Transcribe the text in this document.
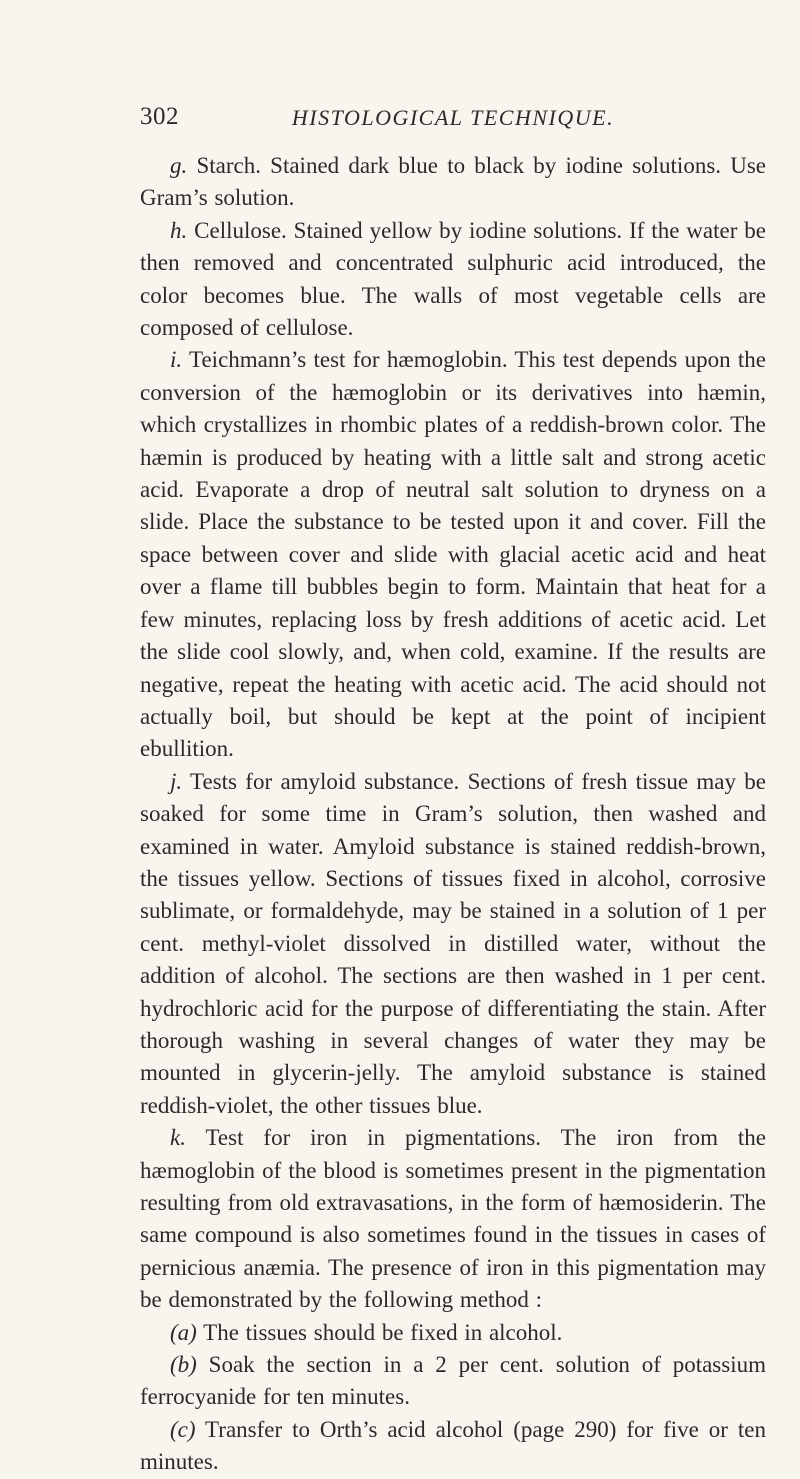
302	HISTOLOGICAL TECHNIQUE.

g. Starch. Stained dark blue to black by iodine solutions. Use Gram’s solution.

h. Cellulose. Stained yellow by iodine solutions. If the water be then removed and concentrated sulphuric acid introduced, the color becomes blue. The walls of most vegetable cells are composed of cellulose.

i. Teichmann’s test for hæmoglobin. This test depends upon the conversion of the hæmoglobin or its derivatives into hæmin, which crystallizes in rhombic plates of a reddish-brown color. The hæmin is produced by heating with a little salt and strong acetic acid. Evaporate a drop of neutral salt solution to dryness on a slide. Place the substance to be tested upon it and cover. Fill the space between cover and slide with glacial acetic acid and heat over a flame till bubbles begin to form. Maintain that heat for a few minutes, replacing loss by fresh additions of acetic acid. Let the slide cool slowly, and, when cold, examine. If the results are negative, repeat the heating with acetic acid. The acid should not actually boil, but should be kept at the point of incipient ebullition.

j. Tests for amyloid substance. Sections of fresh tissue may be soaked for some time in Gram’s solution, then washed and examined in water. Amyloid substance is stained reddish-brown, the tissues yellow. Sections of tissues fixed in alcohol, corrosive sublimate, or formaldehyde, may be stained in a solution of 1 per cent. methyl-violet dissolved in distilled water, without the addition of alcohol. The sections are then washed in 1 per cent. hydrochloric acid for the purpose of differentiating the stain. After thorough washing in several changes of water they may be mounted in glycerin-jelly. The amyloid substance is stained reddish-violet, the other tissues blue.

k. Test for iron in pigmentations. The iron from the hæmoglobin of the blood is sometimes present in the pigmentation resulting from old extravasations, in the form of hæmosiderin. The same compound is also sometimes found in the tissues in cases of pernicious anæmia. The presence of iron in this pigmentation may be demonstrated by the following method :

(a) The tissues should be fixed in alcohol.

(b) Soak the section in a 2 per cent. solution of potassium ferrocyanide for ten minutes.

(c) Transfer to Orth’s acid alcohol (page 290) for five or ten minutes.
